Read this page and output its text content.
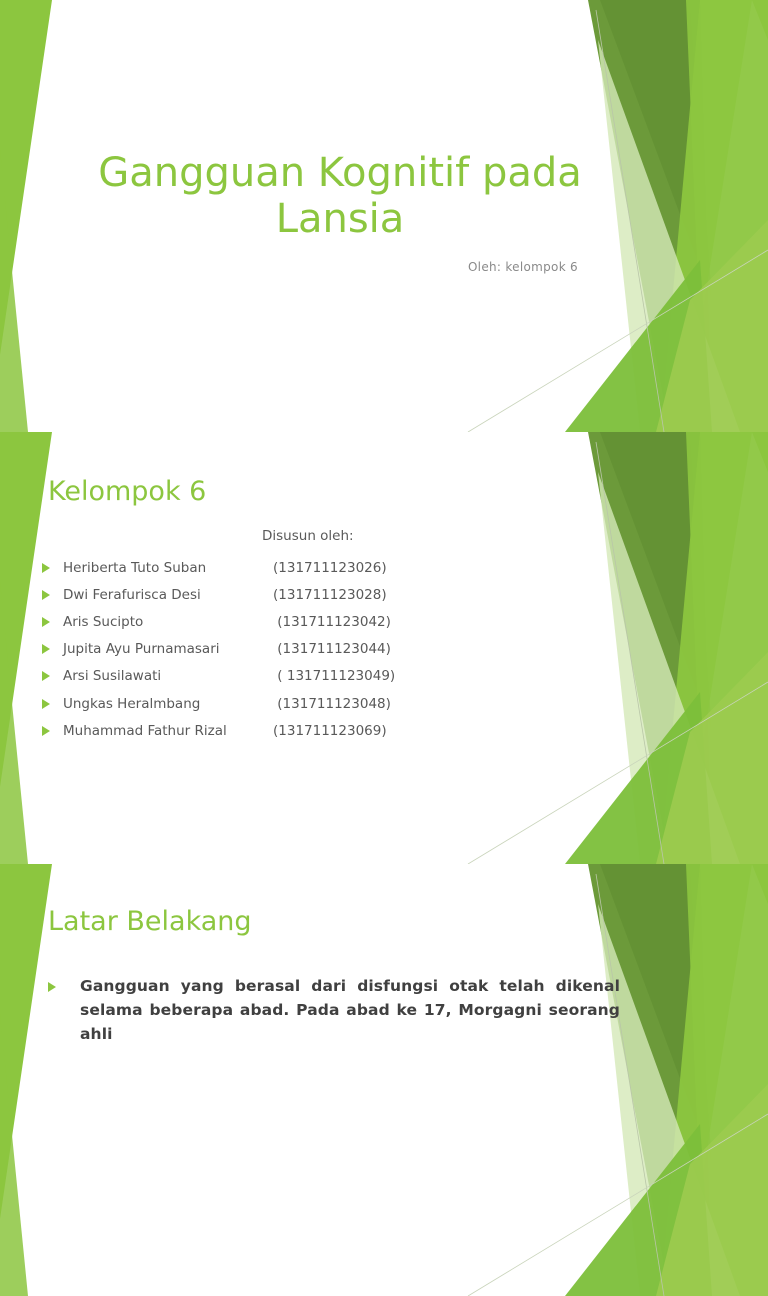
Gangguan Kognitif pada Lansia
Oleh: kelompok 6
Kelompok 6
Disusun oleh:
Heriberta Tuto Suban	(131711123026)
Dwi Ferafurisca Desi	(131711123028)
Aris Sucipto	(131711123042)
Jupita Ayu Purnamasari	(131711123044)
Arsi Susilawati	( 131711123049)
Ungkas Heralmbang	(131711123048)
Muhammad Fathur Rizal	(131711123069)
Latar Belakang

Gangguan yang berasal dari disfungsi otak telah dikenal selama beberapa abad. Pada abad ke 17, Morgagni seorang ahli
